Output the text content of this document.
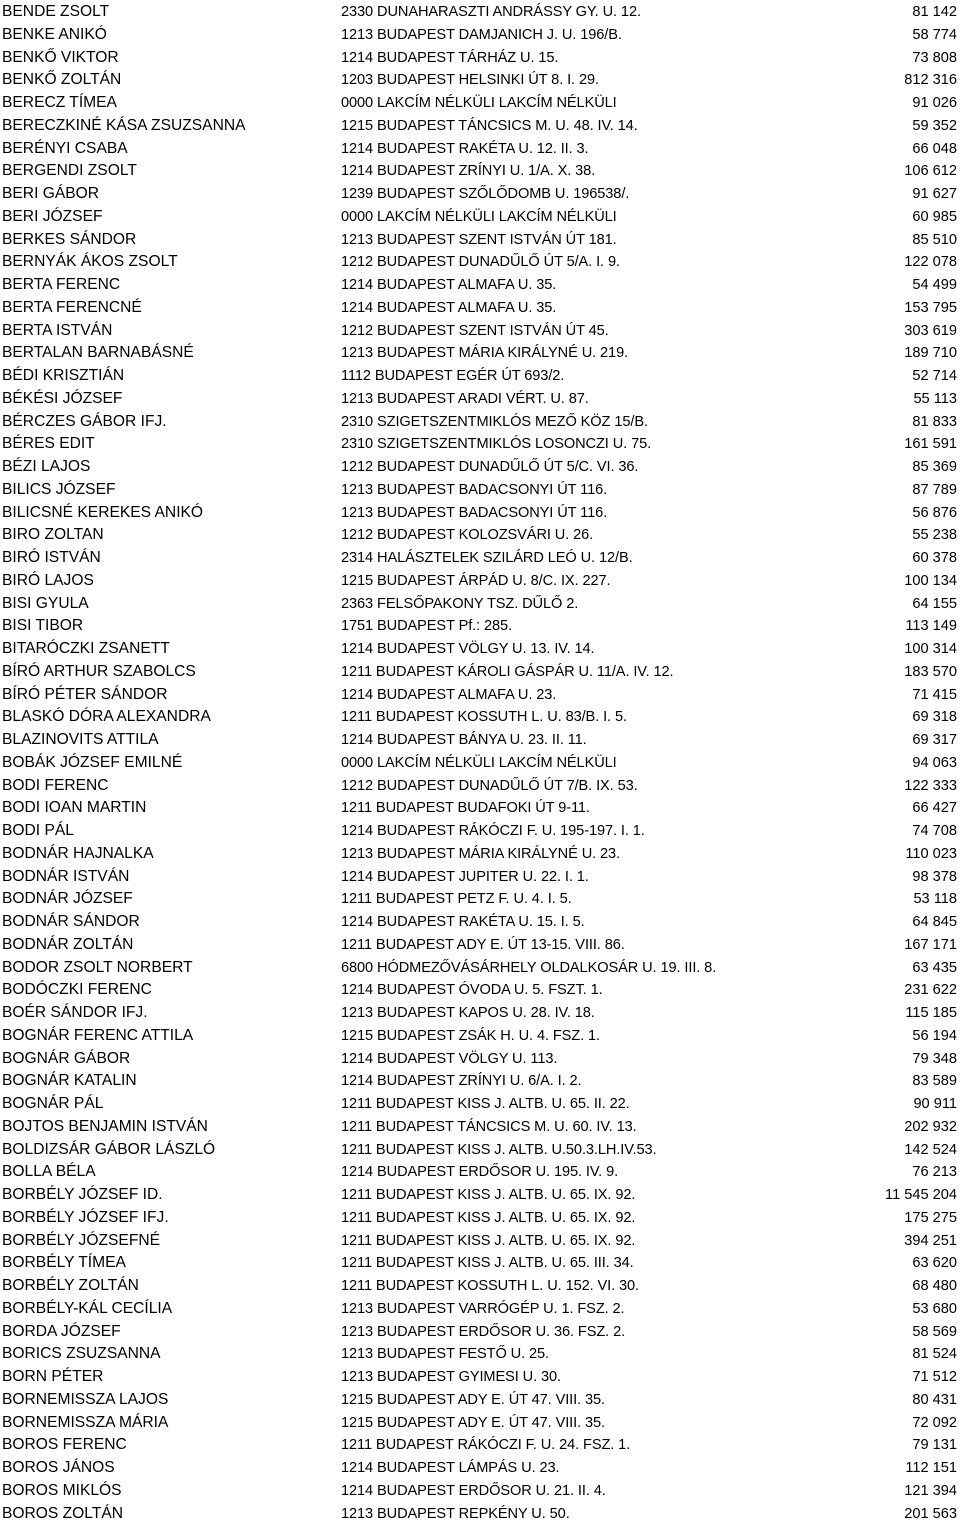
BENDE ZSOLT	2330 DUNAHARASZTI ANDRÁSSY GY. U. 12.	81 142
BENKE ANIKÓ	1213 BUDAPEST DAMJANICH J. U. 196/B.	58 774
BENKŐ VIKTOR	1214 BUDAPEST TÁRHÁZ U. 15.	73 808
BENKŐ ZOLTÁN	1203 BUDAPEST HELSINKI ÚT 8. I. 29.	812 316
BERECZ TÍMEA	0000 LAKCÍM NÉLKÜLI LAKCÍM NÉLKÜLI	91 026
BERECZKINÉ KÁSA ZSUZSANNA	1215 BUDAPEST TÁNCSICS M. U. 48. IV. 14.	59 352
BERÉNYI CSABA	1214 BUDAPEST RAKÉTA U. 12. II. 3.	66 048
BERGENDI ZSOLT	1214 BUDAPEST ZRÍNYI U. 1/A. X. 38.	106 612
BERI GÁBOR	1239 BUDAPEST SZŐLŐDOMB U. 196538/.	91 627
BERI JÓZSEF	0000 LAKCÍM NÉLKÜLI LAKCÍM NÉLKÜLI	60 985
BERKES SÁNDOR	1213 BUDAPEST SZENT ISTVÁN ÚT 181.	85 510
BERNYÁK ÁKOS ZSOLT	1212 BUDAPEST DUNADŰLŐ ÚT 5/A. I. 9.	122 078
BERTA FERENC	1214 BUDAPEST ALMAFA U. 35.	54 499
BERTA FERENCNÉ	1214 BUDAPEST ALMAFA U. 35.	153 795
BERTA ISTVÁN	1212 BUDAPEST SZENT ISTVÁN ÚT 45.	303 619
BERTALAN BARNABÁSNÉ	1213 BUDAPEST MÁRIA KIRÁLYNÉ U. 219.	189 710
BÉDI KRISZTIÁN	1112 BUDAPEST EGÉR ÚT 693/2.	52 714
BÉKÉSI JÓZSEF	1213 BUDAPEST ARADI VÉRT. U. 87.	55 113
BÉRCZES GÁBOR IFJ.	2310 SZIGETSZENTMIKLÓS MEZŐ KÖZ 15/B.	81 833
BÉRES EDIT	2310 SZIGETSZENTMIKLÓS LOSONCZI U. 75.	161 591
BÉZI LAJOS	1212 BUDAPEST DUNADŰLŐ ÚT 5/C. VI. 36.	85 369
BILICS JÓZSEF	1213 BUDAPEST BADACSONYI ÚT 116.	87 789
BILICSNÉ KEREKES ANIKÓ	1213 BUDAPEST BADACSONYI ÚT 116.	56 876
BIRO ZOLTAN	1212 BUDAPEST KOLOZSVÁRI U. 26.	55 238
BIRÓ ISTVÁN	2314 HALÁSZTELEK SZILÁRD LEÓ U. 12/B.	60 378
BIRÓ LAJOS	1215 BUDAPEST ÁRPÁD U. 8/C. IX. 227.	100 134
BISI GYULA	2363 FELSŐPAKONY TSZ. DŰLŐ 2.	64 155
BISI TIBOR	1751 BUDAPEST Pf.: 285.	113 149
BITARÓCZKI ZSANETT	1214 BUDAPEST VÖLGY U. 13. IV. 14.	100 314
BÍRÓ ARTHUR SZABOLCS	1211 BUDAPEST KÁROLI GÁSPÁR U. 11/A. IV. 12.	183 570
BÍRÓ PÉTER SÁNDOR	1214 BUDAPEST ALMAFA U. 23.	71 415
BLASKÓ DÓRA ALEXANDRA	1211 BUDAPEST KOSSUTH L. U. 83/B. I. 5.	69 318
BLAZINOVITS ATTILA	1214 BUDAPEST BÁNYA U. 23. II. 11.	69 317
BOBÁK JÓZSEF EMILNÉ	0000 LAKCÍM NÉLKÜLI LAKCÍM NÉLKÜLI	94 063
BODI FERENC	1212 BUDAPEST DUNADŰLŐ ÚT 7/B. IX. 53.	122 333
BODI IOAN MARTIN	1211 BUDAPEST BUDAFOKI ÚT 9-11.	66 427
BODI PÁL	1214 BUDAPEST RÁKÓCZI F. U. 195-197. I. 1.	74 708
BODNÁR HAJNALKA	1213 BUDAPEST MÁRIA KIRÁLYNÉ U. 23.	110 023
BODNÁR ISTVÁN	1214 BUDAPEST JUPITER U. 22. I. 1.	98 378
BODNÁR JÓZSEF	1211 BUDAPEST PETZ F. U. 4. I. 5.	53 118
BODNÁR SÁNDOR	1214 BUDAPEST RAKÉTA U. 15. I. 5.	64 845
BODNÁR ZOLTÁN	1211 BUDAPEST ADY E. ÚT 13-15. VIII. 86.	167 171
BODOR ZSOLT NORBERT	6800 HÓDMEZŐVÁSÁRHELY OLDALKOSÁR U. 19. III. 8.	63 435
BODÓCZKI FERENC	1214 BUDAPEST ÓVODA U. 5. FSZT. 1.	231 622
BOÉR SÁNDOR IFJ.	1213 BUDAPEST KAPOS U. 28. IV. 18.	115 185
BOGNÁR FERENC ATTILA	1215 BUDAPEST ZSÁK H. U. 4. FSZ. 1.	56 194
BOGNÁR GÁBOR	1214 BUDAPEST VÖLGY U. 113.	79 348
BOGNÁR KATALIN	1214 BUDAPEST ZRÍNYI U. 6/A. I. 2.	83 589
BOGNÁR PÁL	1211 BUDAPEST KISS J. ALTB. U. 65. II. 22.	90 911
BOJTOS BENJAMIN ISTVÁN	1211 BUDAPEST TÁNCSICS M. U. 60. IV. 13.	202 932
BOLDIZSÁR GÁBOR LÁSZLÓ	1211 BUDAPEST KISS J. ALTB. U.50.3.LH.IV.53.	142 524
BOLLA BÉLA	1214 BUDAPEST ERDŐSOR U. 195. IV. 9.	76 213
BORBÉLY JÓZSEF ID.	1211 BUDAPEST KISS J. ALTB. U. 65. IX. 92.	11 545 204
BORBÉLY JÓZSEF IFJ.	1211 BUDAPEST KISS J. ALTB. U. 65. IX. 92.	175 275
BORBÉLY JÓZSEFNÉ	1211 BUDAPEST KISS J. ALTB. U. 65. IX. 92.	394 251
BORBÉLY TÍMEA	1211 BUDAPEST KISS J. ALTB. U. 65. III. 34.	63 620
BORBÉLY ZOLTÁN	1211 BUDAPEST KOSSUTH L. U. 152. VI. 30.	68 480
BORBÉLY-KÁL CECÍLIA	1213 BUDAPEST VARRÓGÉP U. 1. FSZ. 2.	53 680
BORDA JÓZSEF	1213 BUDAPEST ERDŐSOR U. 36. FSZ. 2.	58 569
BORICS ZSUZSANNA	1213 BUDAPEST FESTŐ U. 25.	81 524
BORN PÉTER	1213 BUDAPEST GYIMESI U. 30.	71 512
BORNEMISSZA LAJOS	1215 BUDAPEST ADY E. ÚT 47. VIII. 35.	80 431
BORNEMISSZA MÁRIA	1215 BUDAPEST ADY E. ÚT 47. VIII. 35.	72 092
BOROS FERENC	1211 BUDAPEST RÁKÓCZI F. U. 24. FSZ. 1.	79 131
BOROS JÁNOS	1214 BUDAPEST LÁMPÁS U. 23.	112 151
BOROS MIKLÓS	1214 BUDAPEST ERDŐSOR U. 21. II. 4.	121 394
BOROS ZOLTÁN	1213 BUDAPEST REPKÉNY U. 50.	201 563
